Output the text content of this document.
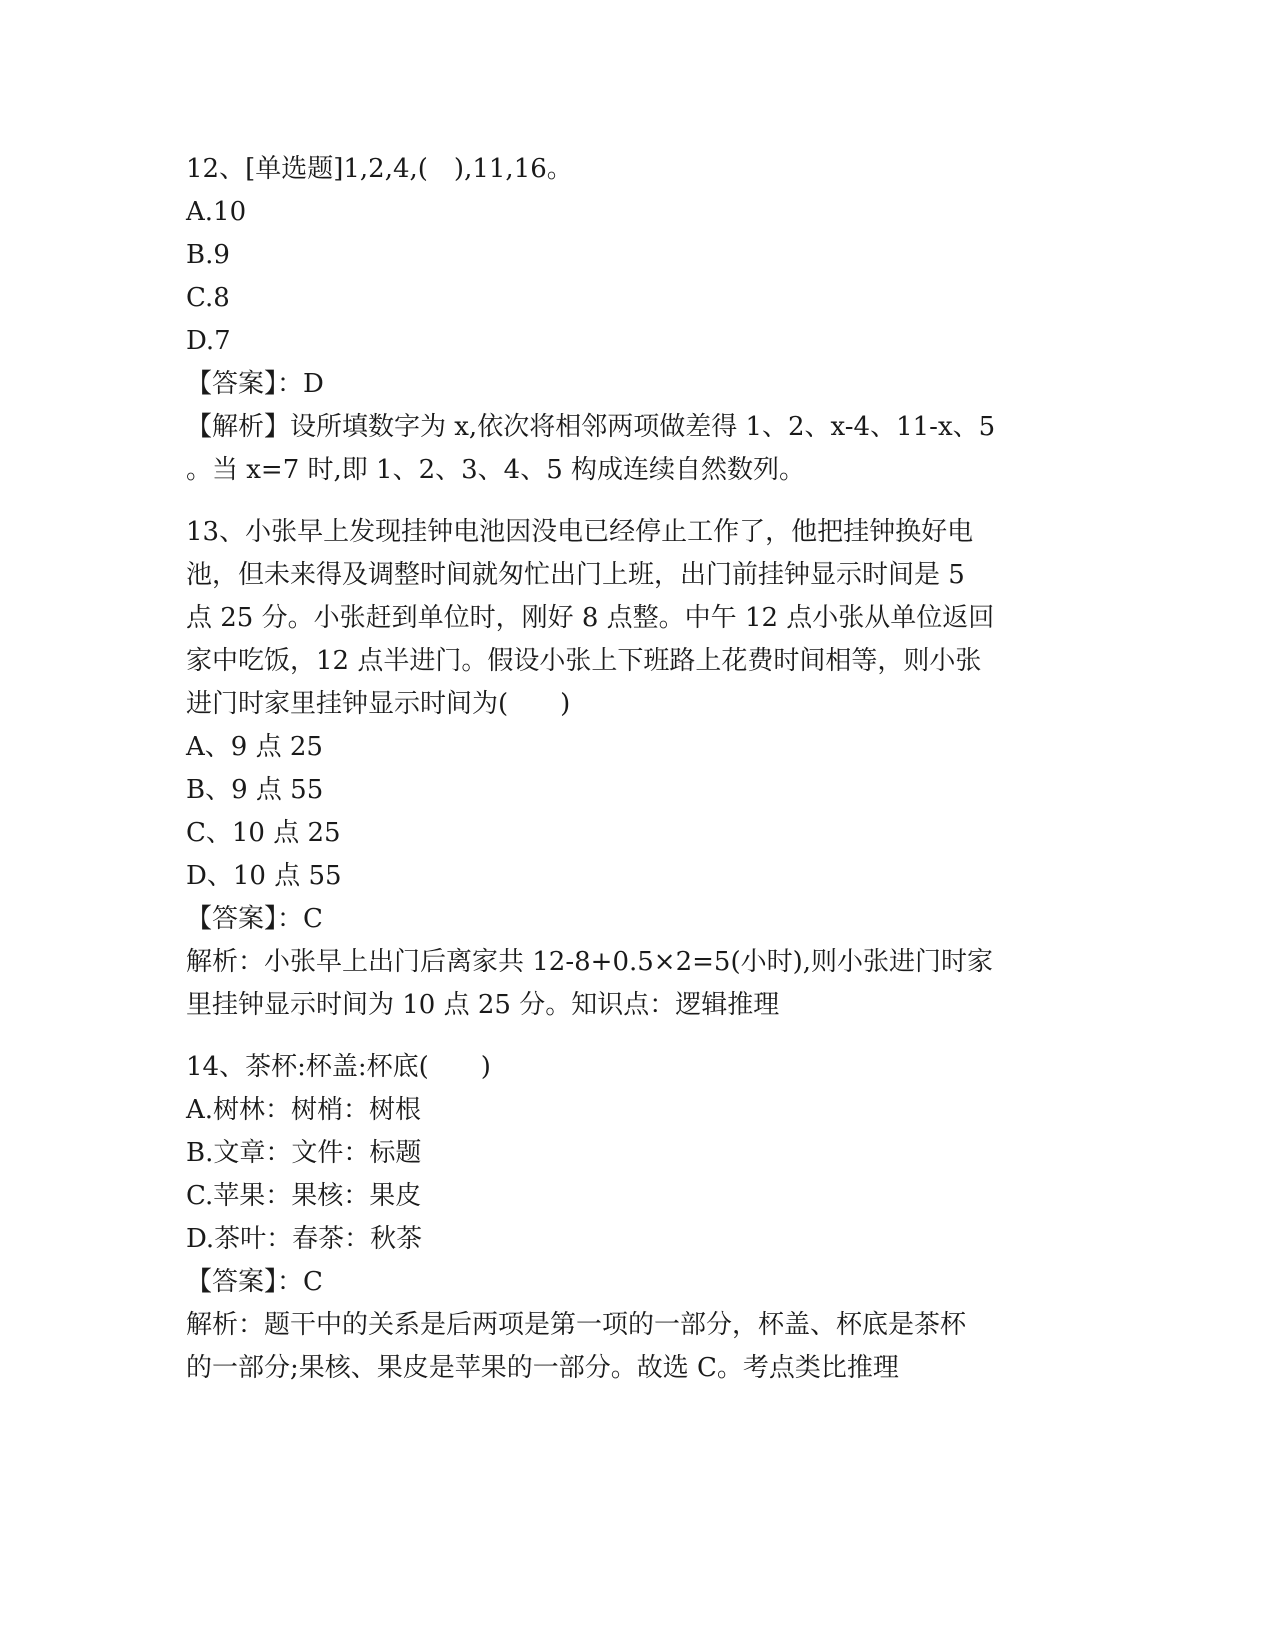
12、[单选题]1,2,4,(　),11,16。
A.10
B.9
C.8
D.7
【答案】：D
【解析】设所填数字为 x,依次将相邻两项做差得 1、2、x-4、11-x、5
。当 x=7 时,即 1、2、3、4、5 构成连续自然数列。
13、小张早上发现挂钟电池因没电已经停止工作了，他把挂钟换好电
池，但未来得及调整时间就匆忙出门上班，出门前挂钟显示时间是 5
点 25 分。小张赶到单位时，刚好 8 点整。中午 12 点小张从单位返回
家中吃饭，12 点半进门。假设小张上下班路上花费时间相等，则小张
进门时家里挂钟显示时间为(　　)
A、9 点 25
B、9 点 55
C、10 点 25
D、10 点 55
【答案】：C
解析：小张早上出门后离家共 12-8+0.5×2=5(小时),则小张进门时家
里挂钟显示时间为 10 点 25 分。知识点：逻辑推理
14、茶杯:杯盖:杯底(　　)
A.树林：树梢：树根
B.文章：文件：标题
C.苹果：果核：果皮
D.茶叶：春茶：秋茶
【答案】：C
解析：题干中的关系是后两项是第一项的一部分，杯盖、杯底是茶杯
的一部分;果核、果皮是苹果的一部分。故选 C。考点类比推理
